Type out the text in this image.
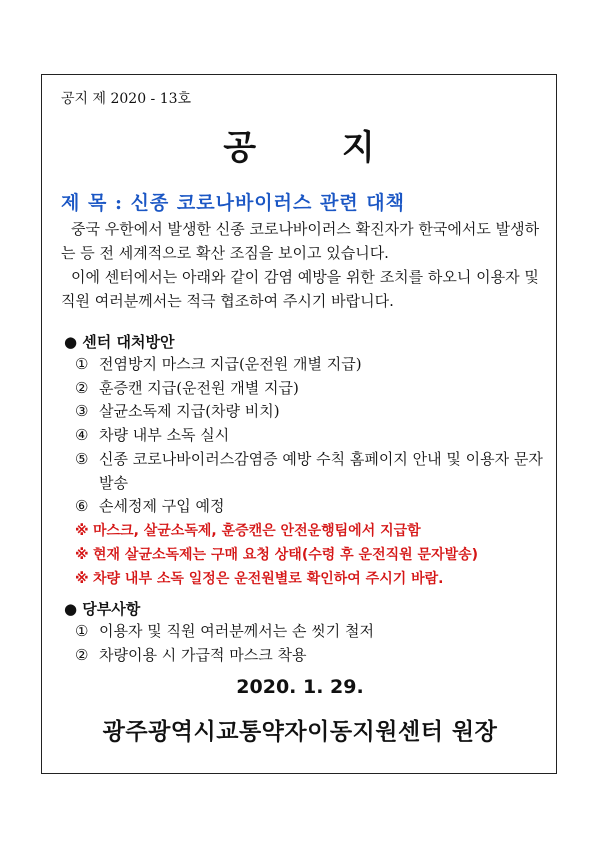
공지 제 2020 - 13호
공 지
제 목 : 신종 코로나바이러스 관련 대책

중국 우한에서 발생한 신종 코로나바이러스 확진자가 한국에서도 발생하는 등 전 세계적으로 확산 조짐을 보이고 있습니다.

이에 센터에서는 아래와 같이 감염 예방을 위한 조치를 하오니 이용자 및 직원 여러분께서는 적극 협조하여 주시기 바랍니다.

● 센터 대처방안
① 전염방지 마스크 지급(운전원 개별 지급)
② 훈증캔 지급(운전원 개별 지급)
③ 살균소독제 지급(차량 비치)
④ 차량 내부 소독 실시
⑤ 신종 코로나바이러스감염증 예방 수칙 홈페이지 안내 및 이용자 문자 발송
⑥ 손세정제 구입 예정
※ 마스크, 살균소독제, 훈증캔은 안전운행팀에서 지급함
※ 현재 살균소독제는 구매 요청 상태(수령 후 운전직원 문자발송)
※ 차량 내부 소독 일정은 운전원별로 확인하여 주시기 바람.
● 당부사항
① 이용자 및 직원 여러분께서는 손 씻기 철저
② 차량이용 시 가급적 마스크 착용
2020. 1. 29.
광주광역시교통약자이동지원센터 원장
